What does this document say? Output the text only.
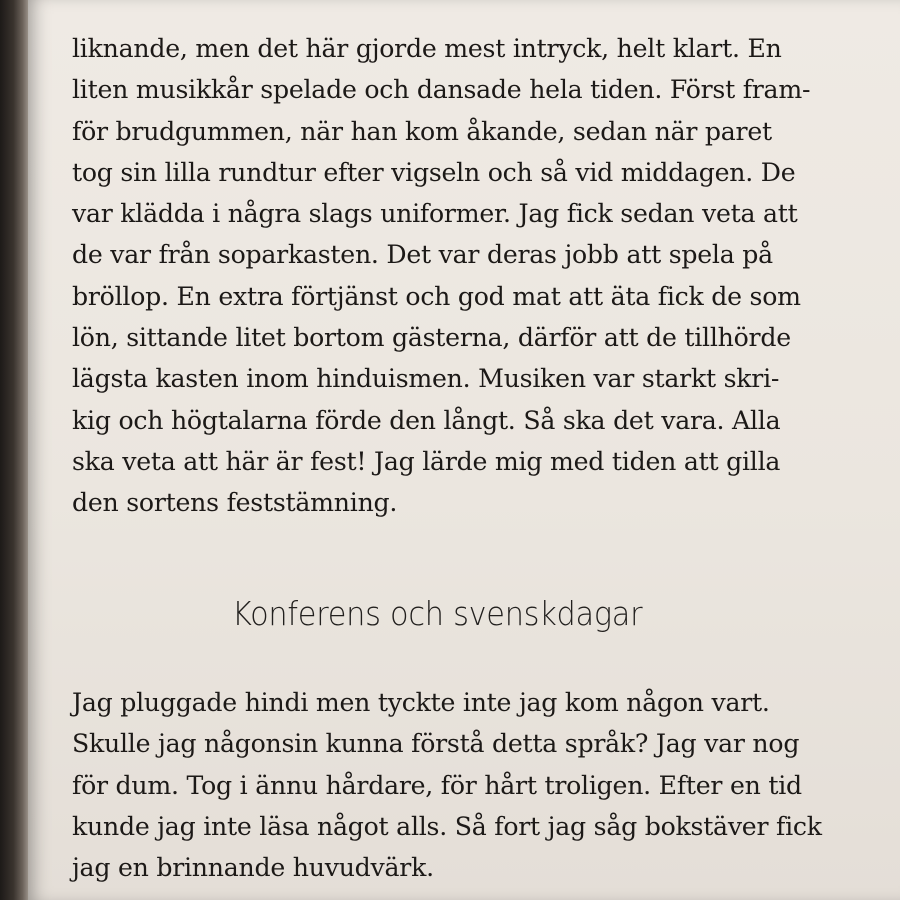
liknande, men det här gjorde mest intryck, helt klart. En
liten musikkår spelade och dansade hela tiden. Först fram-
för brudgummen, när han kom åkande, sedan när paret
tog sin lilla rundtur efter vigseln och så vid middagen. De
var klädda i några slags uniformer. Jag fick sedan veta att
de var från soparkasten. Det var deras jobb att spela på
bröllop. En extra förtjänst och god mat att äta fick de som
lön, sittande litet bortom gästerna, därför att de tillhörde
lägsta kasten inom hinduismen. Musiken var starkt skri-
kig och högtalarna förde den långt. Så ska det vara. Alla
ska veta att här är fest! Jag lärde mig med tiden att gilla
den sortens feststämning.
Konferens och svenskdagar
Jag pluggade hindi men tyckte inte jag kom någon vart.
Skulle jag någonsin kunna förstå detta språk? Jag var nog
för dum. Tog i ännu hårdare, för hårt troligen. Efter en tid
kunde jag inte läsa något alls. Så fort jag såg bokstäver fick
jag en brinnande huvudvärk.
